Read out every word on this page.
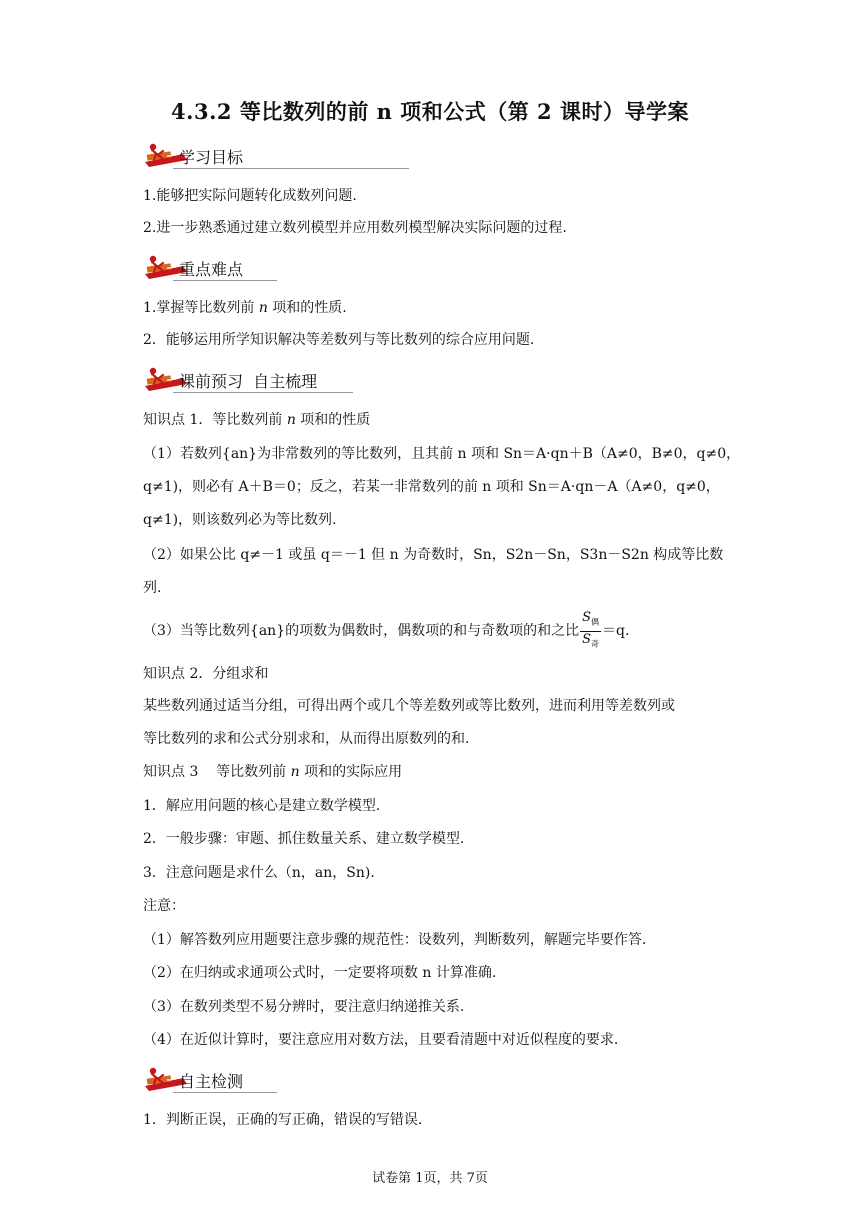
4.3.2 等比数列的前 n 项和公式（第 2 课时）导学案
学习目标
1.能够把实际问题转化成数列问题.
2.进一步熟悉通过建立数列模型并应用数列模型解决实际问题的过程.
重点难点
1.掌握等比数列前 n 项和的性质.
2．能够运用所学知识解决等差数列与等比数列的综合应用问题.
课前预习  自主梳理
知识点 1．等比数列前 n 项和的性质
（1）若数列{an}为非常数列的等比数列，且其前 n 项和 Sn＝A·qn＋B（A≠0，B≠0，q≠0，
q≠1)，则必有 A＋B＝0；反之，若某一非常数列的前 n 项和 Sn＝A·qn－A（A≠0，q≠0，
q≠1)，则该数列必为等比数列.
（2）如果公比 q≠－1 或虽 q＝－1 但 n 为奇数时，Sn，S2n－Sn，S3n－S2n 构成等比数
列.
（3）当等比数列{an}的项数为偶数时，偶数项的和与奇数项的和之比 $\frac{S_偶}{S_奇} =q$.
知识点 2．分组求和
某些数列通过适当分组，可得出两个或几个等差数列或等比数列，进而利用等差数列或
等比数列的求和公式分别求和，从而得出原数列的和.
知识点 3    等比数列前 n 项和的实际应用
1．解应用问题的核心是建立数学模型.
2．一般步骤：审题、抓住数量关系、建立数学模型.
3．注意问题是求什么（n，an，Sn).
注意：
（1）解答数列应用题要注意步骤的规范性：设数列，判断数列，解题完毕要作答.
（2）在归纳或求通项公式时，一定要将项数 n 计算准确.
（3）在数列类型不易分辨时，要注意归纳递推关系.
（4）在近似计算时，要注意应用对数方法，且要看清题中对近似程度的要求.
自主检测
1．判断正误，正确的写正确，错误的写错误.
试卷第 1页，共 7页
